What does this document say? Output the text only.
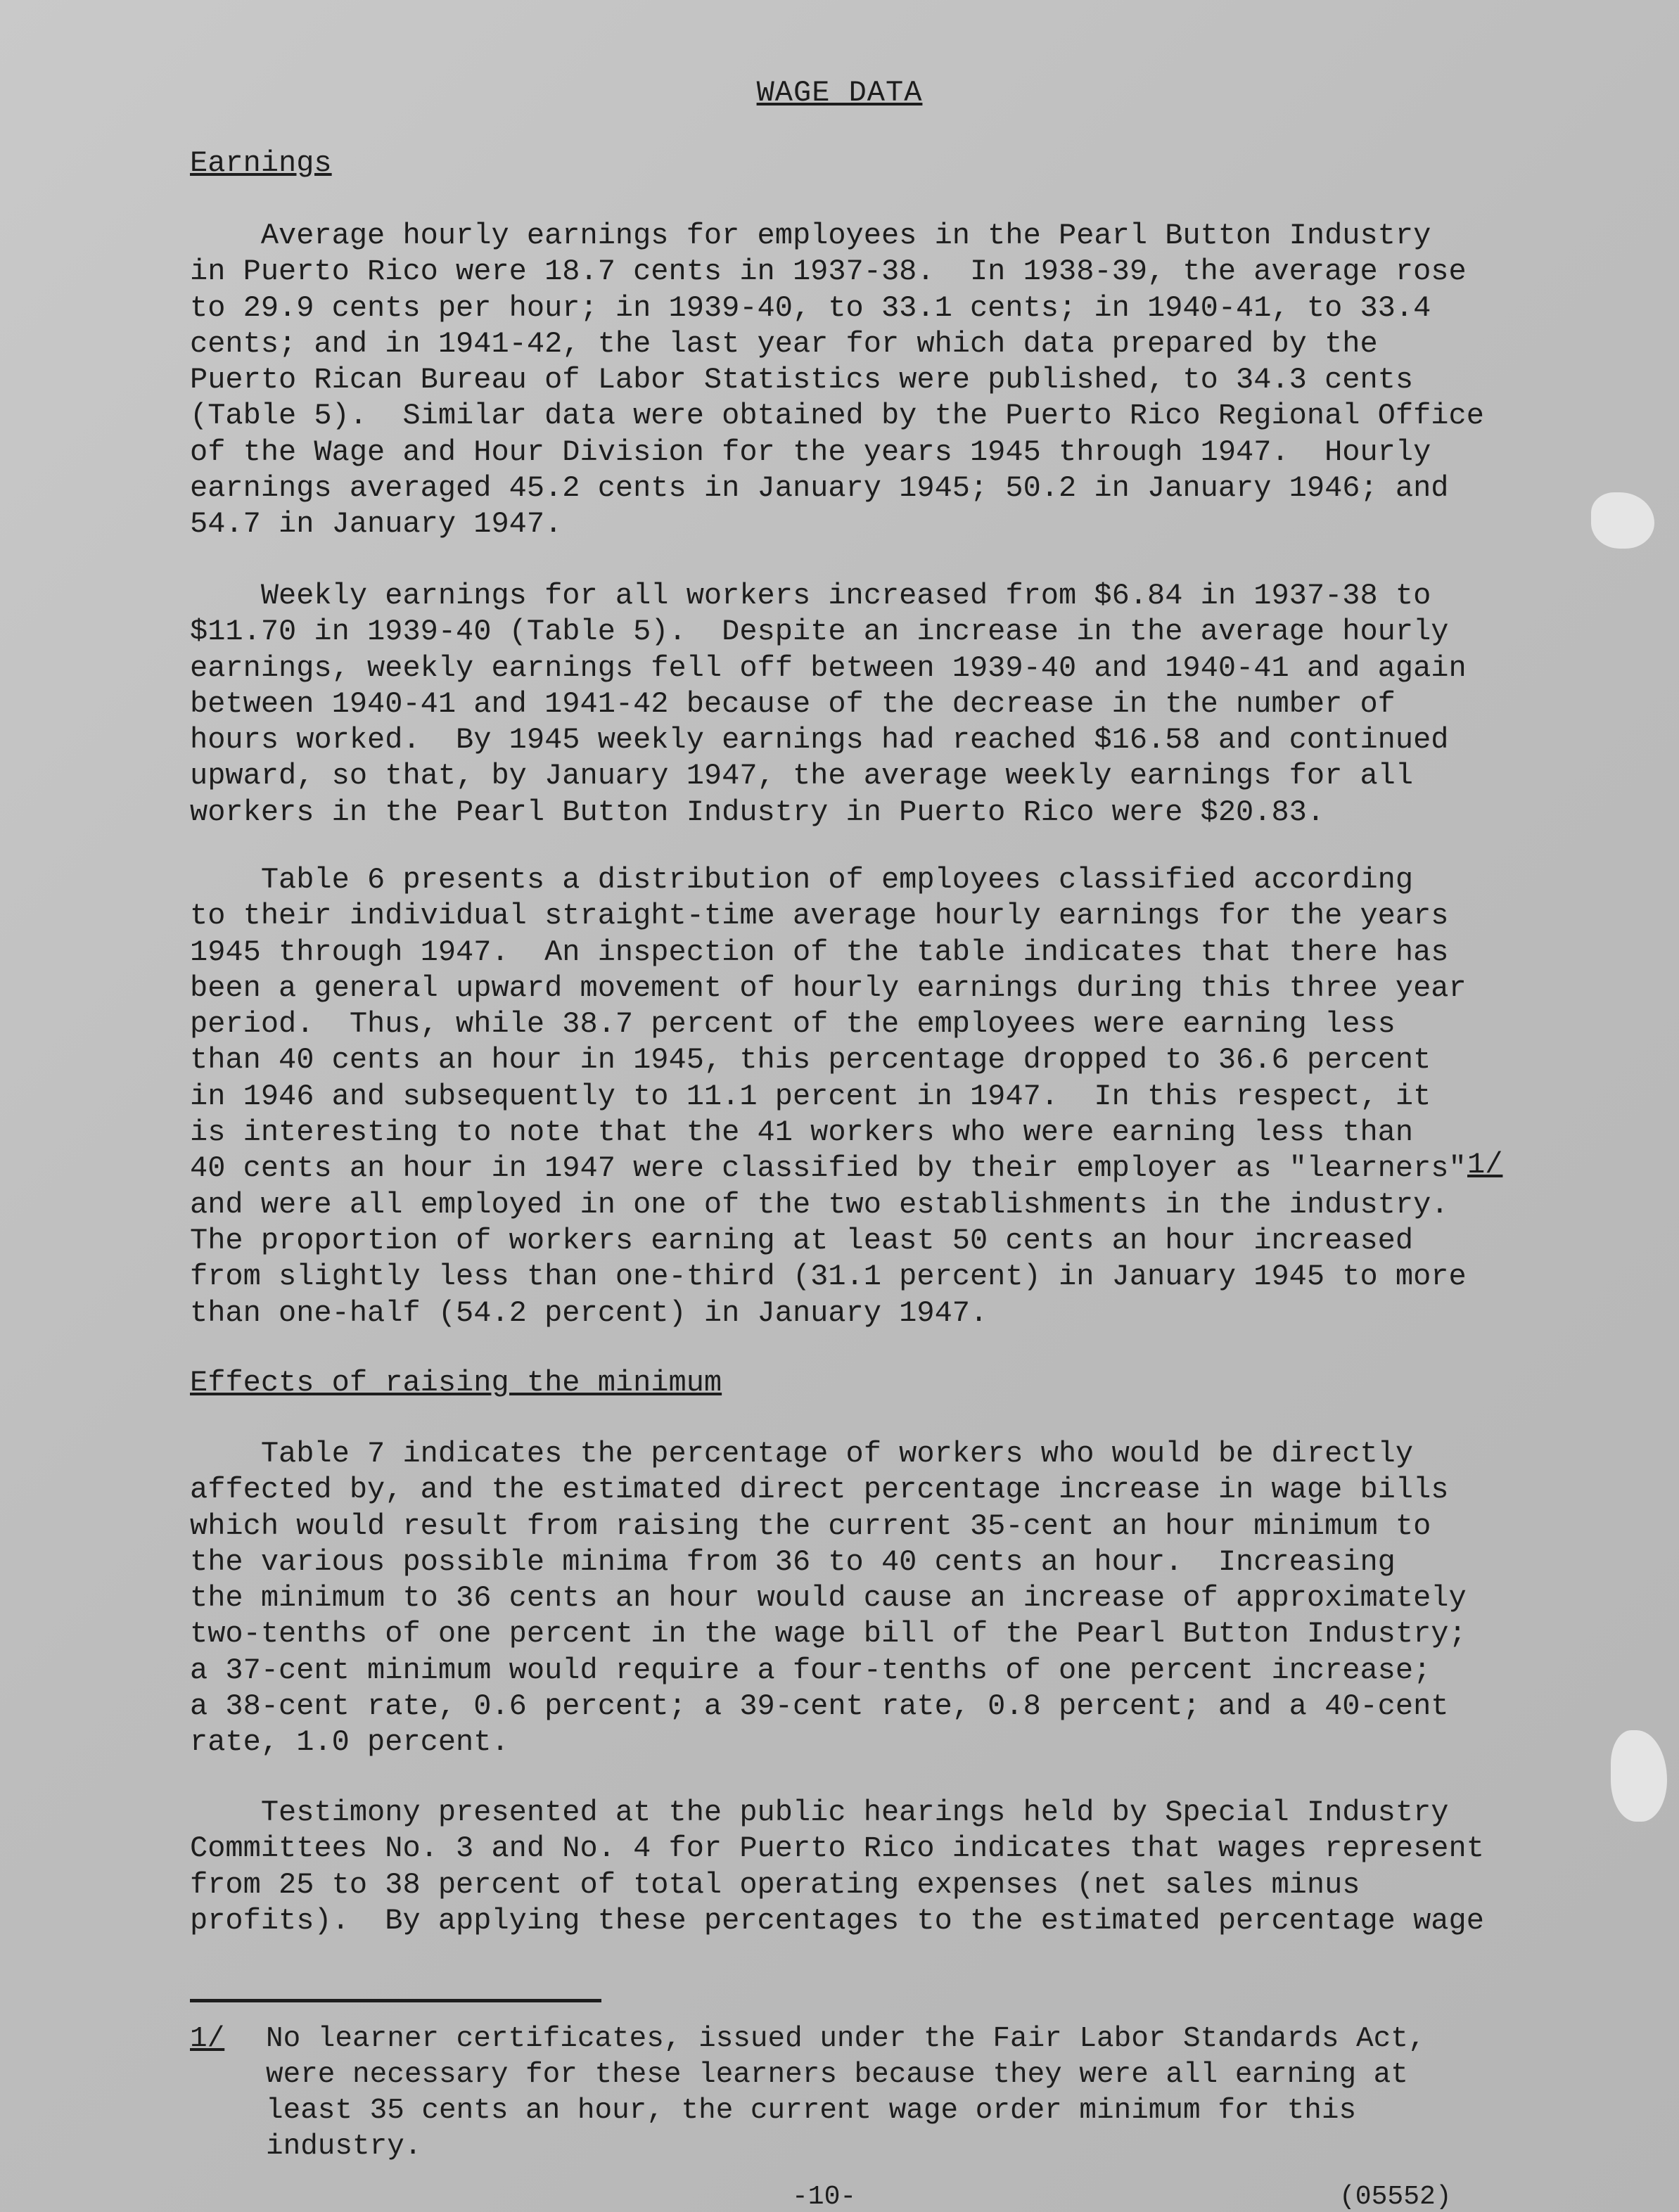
WAGE DATA
Earnings
Average hourly earnings for employees in the Pearl Button Industry
in Puerto Rico were 18.7 cents in 1937-38.  In 1938-39, the average rose
to 29.9 cents per hour; in 1939-40, to 33.1 cents; in 1940-41, to 33.4
cents; and in 1941-42, the last year for which data prepared by the
Puerto Rican Bureau of Labor Statistics were published, to 34.3 cents
(Table 5).  Similar data were obtained by the Puerto Rico Regional Office
of the Wage and Hour Division for the years 1945 through 1947.  Hourly
earnings averaged 45.2 cents in January 1945; 50.2 in January 1946; and
54.7 in January 1947.
Weekly earnings for all workers increased from $6.84 in 1937-38 to
$11.70 in 1939-40 (Table 5).  Despite an increase in the average hourly
earnings, weekly earnings fell off between 1939-40 and 1940-41 and again
between 1940-41 and 1941-42 because of the decrease in the number of
hours worked.  By 1945 weekly earnings had reached $16.58 and continued
upward, so that, by January 1947, the average weekly earnings for all
workers in the Pearl Button Industry in Puerto Rico were $20.83.
Table 6 presents a distribution of employees classified according
to their individual straight-time average hourly earnings for the years
1945 through 1947.  An inspection of the table indicates that there has
been a general upward movement of hourly earnings during this three year
period.  Thus, while 38.7 percent of the employees were earning less
than 40 cents an hour in 1945, this percentage dropped to 36.6 percent
in 1946 and subsequently to 11.1 percent in 1947.  In this respect, it
is interesting to note that the 41 workers who were earning less than
40 cents an hour in 1947 were classified by their employer as "learners"
and were all employed in one of the two establishments in the industry.
The proportion of workers earning at least 50 cents an hour increased
from slightly less than one-third (31.1 percent) in January 1945 to more
than one-half (54.2 percent) in January 1947.
1/
Effects of raising the minimum
Table 7 indicates the percentage of workers who would be directly
affected by, and the estimated direct percentage increase in wage bills
which would result from raising the current 35-cent an hour minimum to
the various possible minima from 36 to 40 cents an hour.  Increasing
the minimum to 36 cents an hour would cause an increase of approximately
two-tenths of one percent in the wage bill of the Pearl Button Industry;
a 37-cent minimum would require a four-tenths of one percent increase;
a 38-cent rate, 0.6 percent; a 39-cent rate, 0.8 percent; and a 40-cent
rate, 1.0 percent.
Testimony presented at the public hearings held by Special Industry
Committees No. 3 and No. 4 for Puerto Rico indicates that wages represent
from 25 to 38 percent of total operating expenses (net sales minus
profits).  By applying these percentages to the estimated percentage wage
1/ No learner certificates, issued under the Fair Labor Standards Act,
were necessary for these learners because they were all earning at
least 35 cents an hour, the current wage order minimum for this
industry.
-10-	(05552)
